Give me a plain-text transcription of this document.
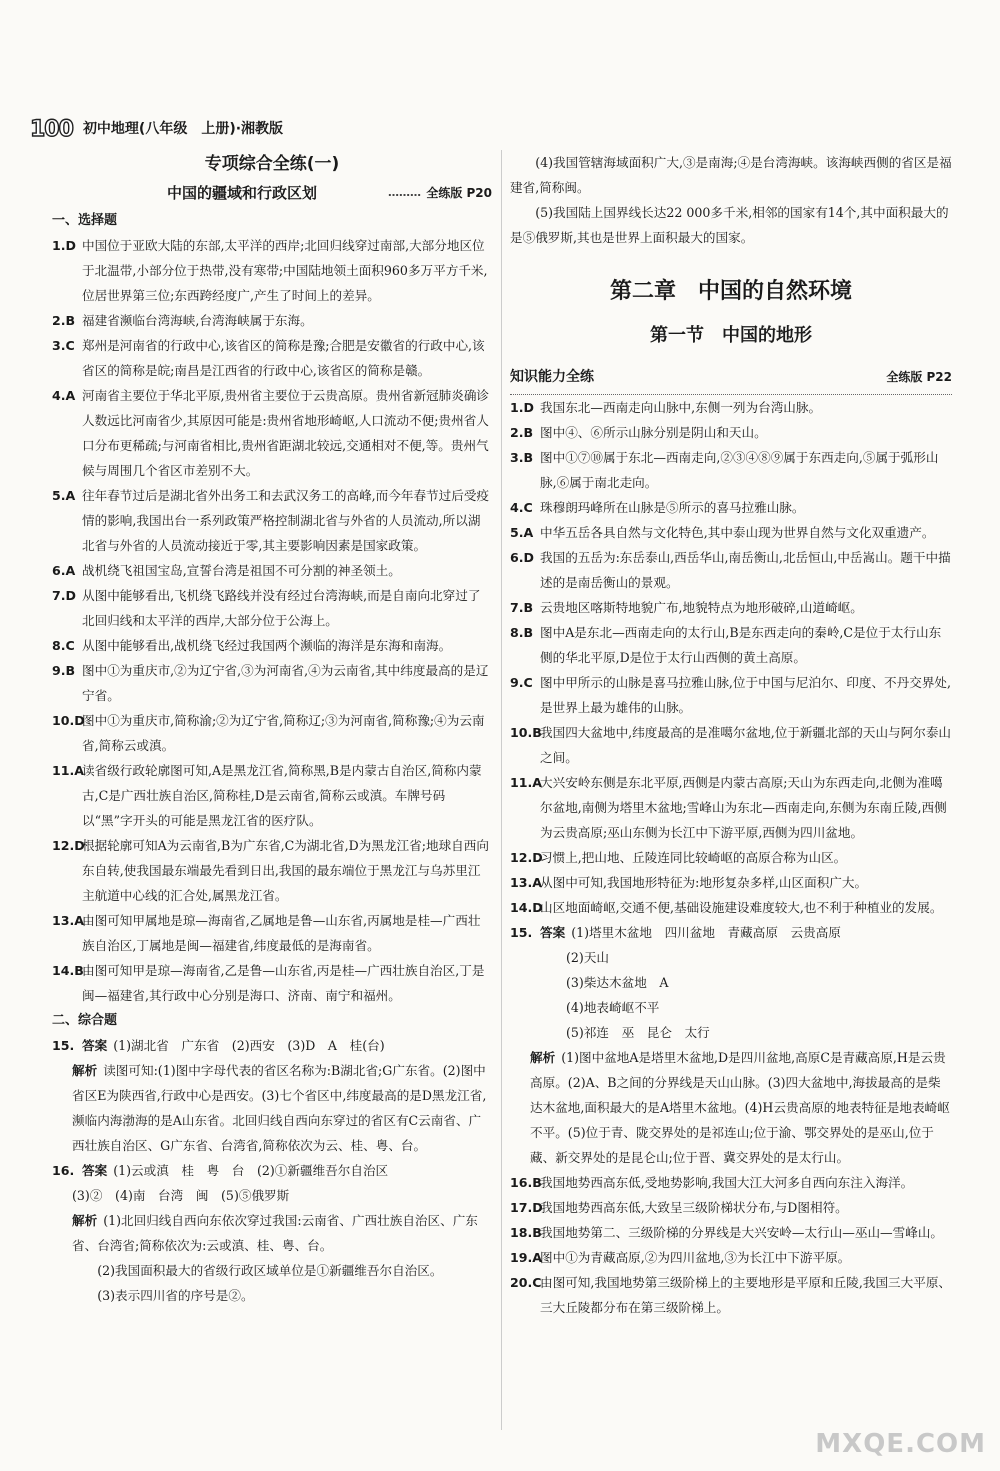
100 初中地理(八年级　上册)·湘教版
专项综合全练(一)
中国的疆域和行政区划	……… 全练版 P20
一、选择题
1.D 中国位于亚欧大陆的东部,太平洋的西岸;北回归线穿过南部,大部分地区位于北温带,小部分位于热带,没有寒带;中国陆地领土面积960多万平方千米,位居世界第三位;东西跨经度广,产生了时间上的差异。
2.B 福建省濒临台湾海峡,台湾海峡属于东海。
3.C 郑州是河南省的行政中心,该省区的简称是豫;合肥是安徽省的行政中心,该省区的简称是皖;南昌是江西省的行政中心,该省区的简称是赣。
4.A 河南省主要位于华北平原,贵州省主要位于云贵高原。贵州省新冠肺炎确诊人数远比河南省少,其原因可能是:贵州省地形崎岖,人口流动不便;贵州省人口分布更稀疏;与河南省相比,贵州省距湖北较远,交通相对不便,等。贵州气候与周围几个省区市差别不大。
5.A 往年春节过后是湖北省外出务工和去武汉务工的高峰,而今年春节过后受疫情的影响,我国出台一系列政策严格控制湖北省与外省的人员流动,所以湖北省与外省的人员流动接近于零,其主要影响因素是国家政策。
6.A 战机绕飞祖国宝岛,宣誓台湾是祖国不可分割的神圣领土。
7.D 从图中能够看出,飞机绕飞路线并没有经过台湾海峡,而是自南向北穿过了北回归线和太平洋的西岸,大部分位于公海上。
8.C 从图中能够看出,战机绕飞经过我国两个濒临的海洋是东海和南海。
9.B 图中①为重庆市,②为辽宁省,③为河南省,④为云南省,其中纬度最高的是辽宁省。
10.D
图中①为重庆市,简称渝;②为辽宁省,简称辽;③为河南省,简称豫;④为云南省,简称云或滇。
11.A
读省级行政轮廓图可知,A是黑龙江省,简称黑,B是内蒙古自治区,简称内蒙古,C是广西壮族自治区,简称桂,D是云南省,简称云或滇。车牌号码以“黑”字开头的可能是黑龙江省的医疗队。
12.D
根据轮廓可知A为云南省,B为广东省,C为湖北省,D为黑龙江省;地球自西向东自转,使我国最东端最先看到日出,我国的最东端位于黑龙江与乌苏里江主航道中心线的汇合处,属黑龙江省。
13.A
由图可知甲属地是琼—海南省,乙属地是鲁—山东省,丙属地是桂—广西壮族自治区,丁属地是闽—福建省,纬度最低的是海南省。
14.B
由图可知甲是琼—海南省,乙是鲁—山东省,丙是桂—广西壮族自治区,丁是闽—福建省,其行政中心分别是海口、济南、南宁和福州。
二、综合题
15. 答案 (1)湖北省　广东省　(2)西安　(3)D　A　桂(台)
解析 读图可知:(1)图中字母代表的省区名称为:B湖北省;G广东省。(2)图中省区E为陕西省,行政中心是西安。(3)七个省区中,纬度最高的是D黑龙江省,濒临内海渤海的是A山东省。北回归线自西向东穿过的省区有C云南省、广西壮族自治区、G广东省、台湾省,简称依次为云、桂、粤、台。
16. 答案 (1)云或滇　桂　粤　台　(2)①新疆维吾尔自治区
(3)②　(4)南　台湾　闽　(5)⑤俄罗斯
解析 (1)北回归线自西向东依次穿过我国:云南省、广西壮族自治区、广东省、台湾省;简称依次为:云或滇、桂、粤、台。
(2)我国面积最大的省级行政区域单位是①新疆维吾尔自治区。
(3)表示四川省的序号是②。
(4)我国管辖海域面积广大,③是南海;④是台湾海峡。该海峡西侧的省区是福建省,简称闽。
(5)我国陆上国界线长达22 000多千米,相邻的国家有14个,其中面积最大的是⑤俄罗斯,其也是世界上面积最大的国家。
第二章　中国的自然环境
第一节　中国的地形
知识能力全练	全练版 P22
1.D 我国东北—西南走向山脉中,东侧一列为台湾山脉。
2.B 图中④、⑥所示山脉分别是阴山和天山。
3.B 图中①⑦⑩属于东北—西南走向,②③④⑧⑨属于东西走向,⑤属于弧形山脉,⑥属于南北走向。
4.C 珠穆朗玛峰所在山脉是⑤所示的喜马拉雅山脉。
5.A 中华五岳各具自然与文化特色,其中泰山现为世界自然与文化双重遗产。
6.D 我国的五岳为:东岳泰山,西岳华山,南岳衡山,北岳恒山,中岳嵩山。题干中描述的是南岳衡山的景观。
7.B 云贵地区喀斯特地貌广布,地貌特点为地形破碎,山道崎岖。
8.B 图中A是东北—西南走向的太行山,B是东西走向的秦岭,C是位于太行山东侧的华北平原,D是位于太行山西侧的黄土高原。
9.C 图中甲所示的山脉是喜马拉雅山脉,位于中国与尼泊尔、印度、不丹交界处,是世界上最为雄伟的山脉。
10.B
我国四大盆地中,纬度最高的是准噶尔盆地,位于新疆北部的天山与阿尔泰山之间。
11.A
大兴安岭东侧是东北平原,西侧是内蒙古高原;天山为东西走向,北侧为准噶尔盆地,南侧为塔里木盆地;雪峰山为东北—西南走向,东侧为东南丘陵,西侧为云贵高原;巫山东侧为长江中下游平原,西侧为四川盆地。
12.D
习惯上,把山地、丘陵连同比较崎岖的高原合称为山区。
13.A
从图中可知,我国地形特征为:地形复杂多样,山区面积广大。
14.D
山区地面崎岖,交通不便,基础设施建设难度较大,也不利于种植业的发展。
15. 答案 (1)塔里木盆地　四川盆地　青藏高原　云贵高原
(2)天山
(3)柴达木盆地　A
(4)地表崎岖不平
(5)祁连　巫　昆仑　太行
解析 (1)图中盆地A是塔里木盆地,D是四川盆地,高原C是青藏高原,H是云贵高原。(2)A、B之间的分界线是天山山脉。(3)四大盆地中,海拔最高的是柴达木盆地,面积最大的是A塔里木盆地。(4)H云贵高原的地表特征是地表崎岖不平。(5)位于青、陇交界处的是祁连山;位于渝、鄂交界处的是巫山,位于藏、新交界处的是昆仑山;位于晋、冀交界处的是太行山。
16.B
我国地势西高东低,受地势影响,我国大江大河多自西向东注入海洋。
17.D
我国地势西高东低,大致呈三级阶梯状分布,与D图相符。
18.B
我国地势第二、三级阶梯的分界线是大兴安岭—太行山—巫山—雪峰山。
19.A
图中①为青藏高原,②为四川盆地,③为长江中下游平原。
20.C
由图可知,我国地势第三级阶梯上的主要地形是平原和丘陵,我国三大平原、三大丘陵都分布在第三级阶梯上。
MXQE.COM
